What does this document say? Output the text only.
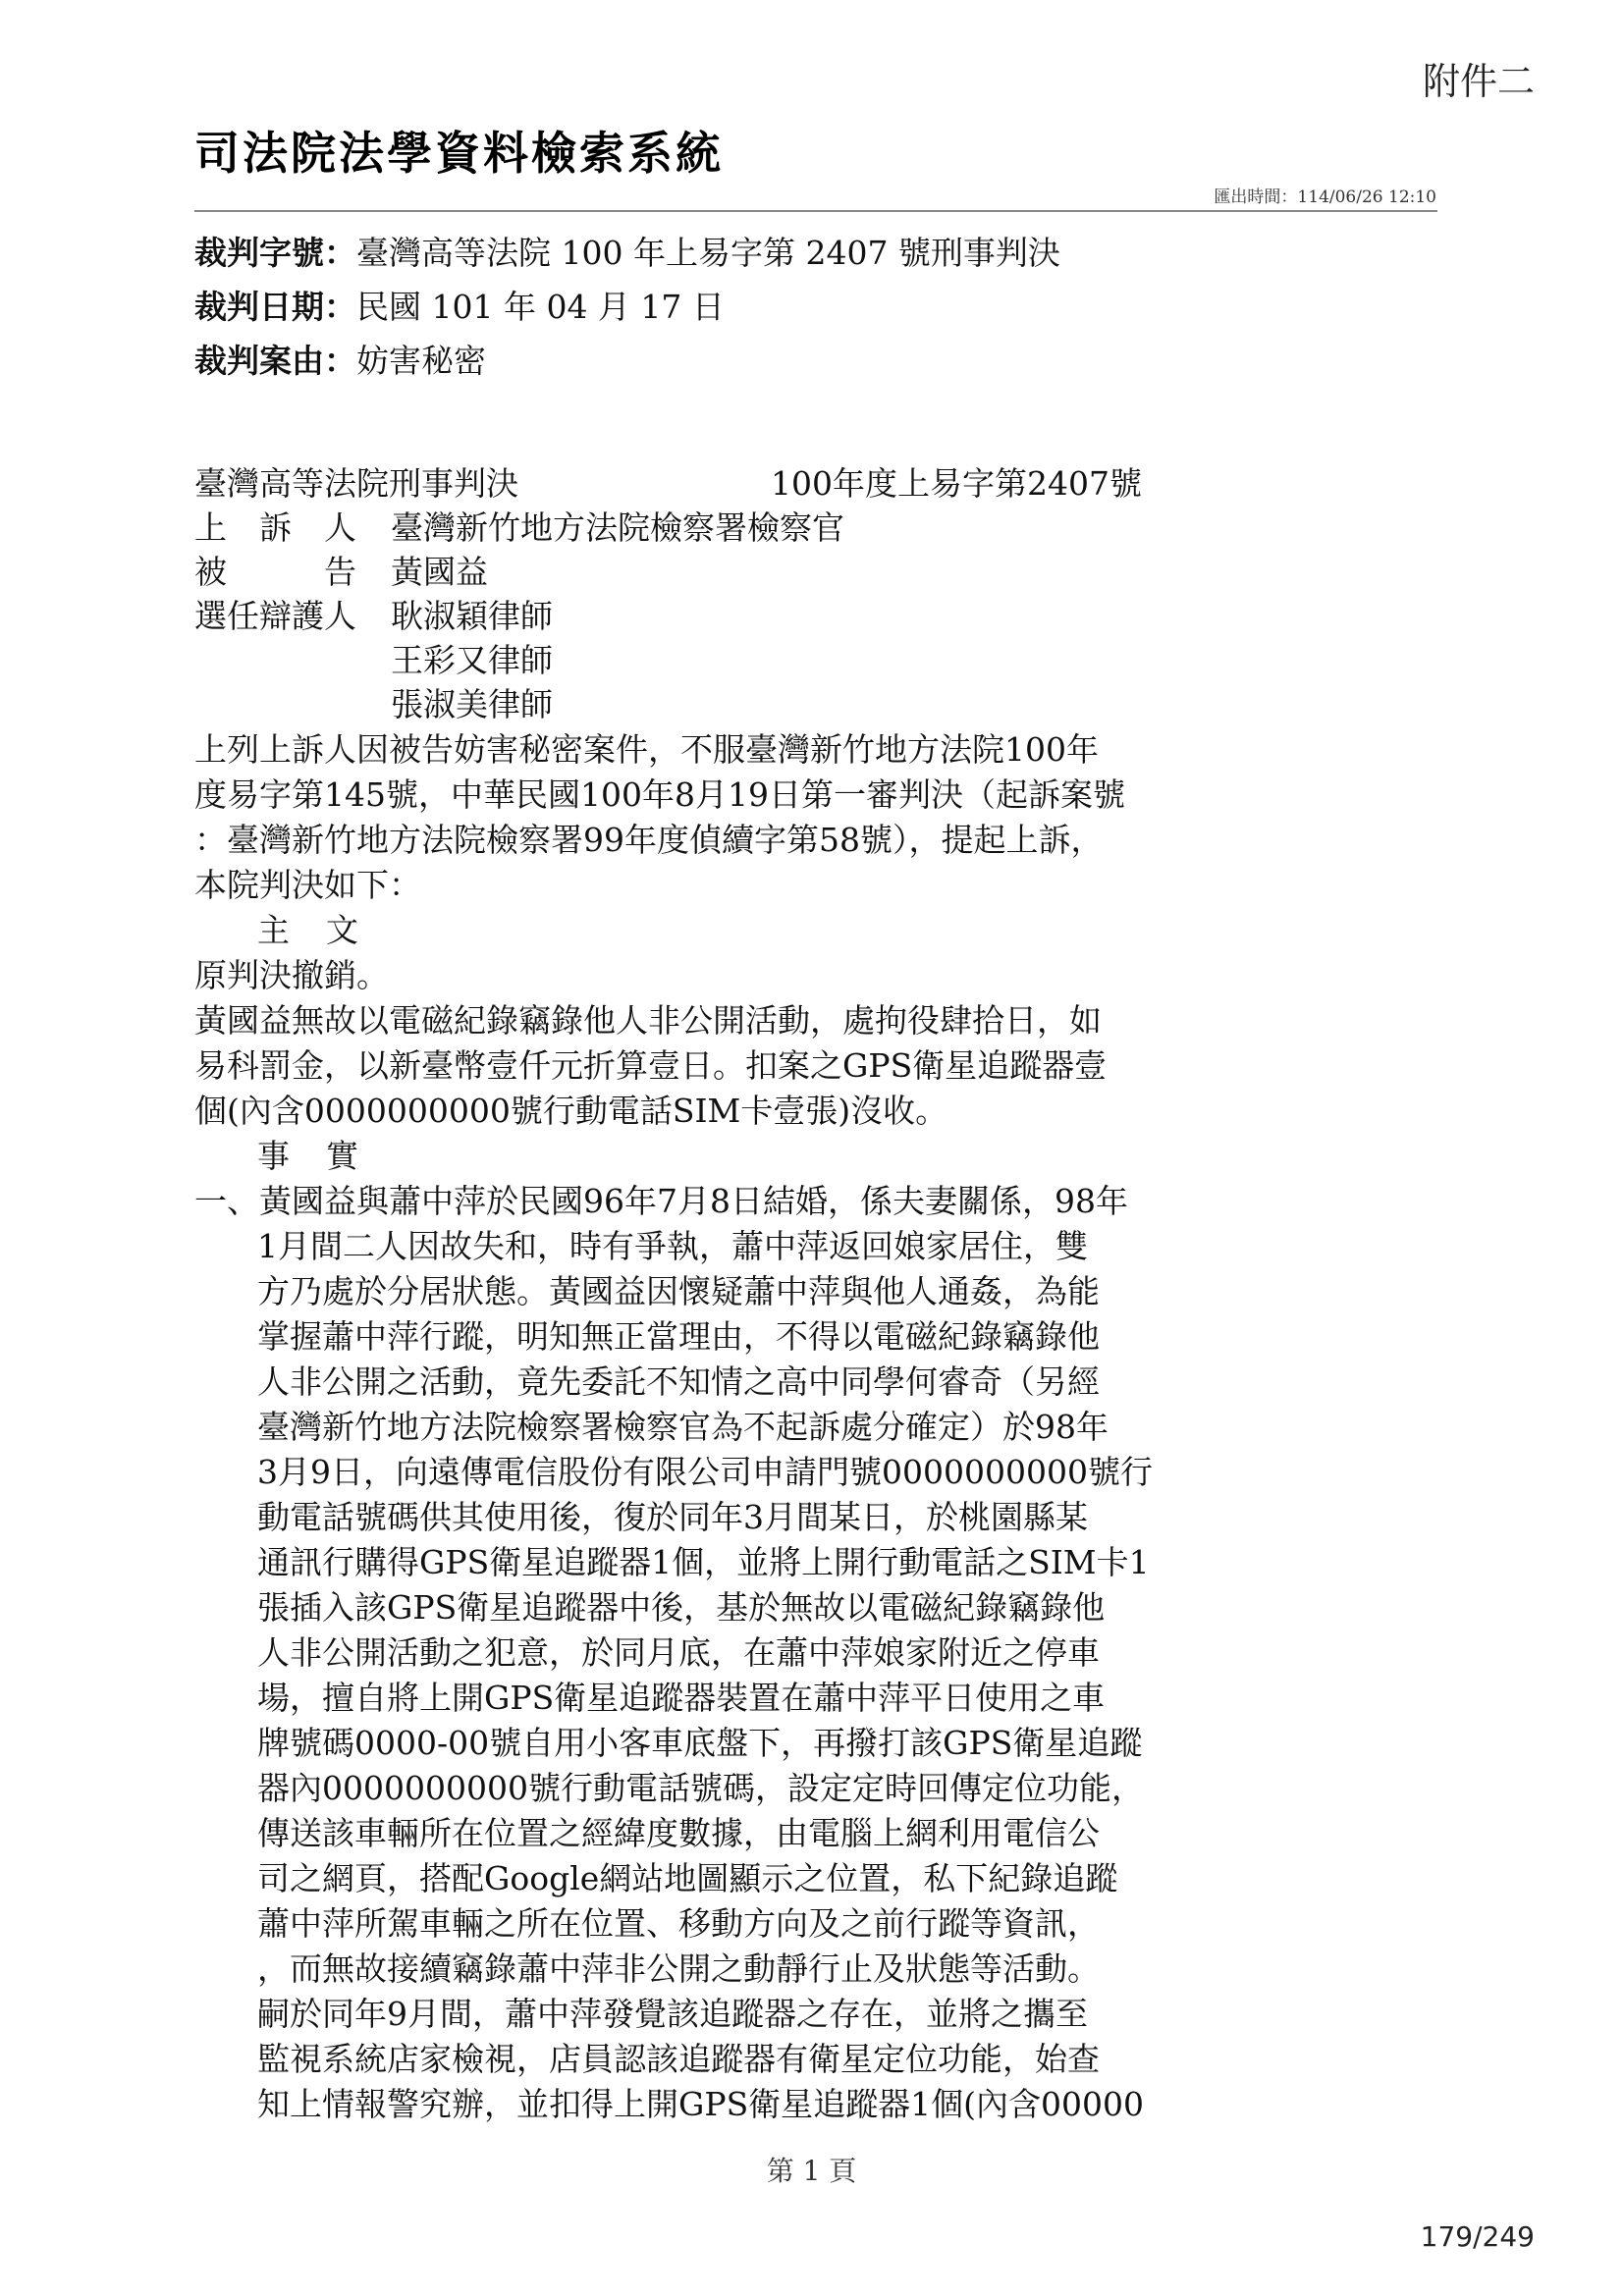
附件二
司法院法學資料檢索系統
匯出時間：114/06/26 12:10
裁判字號：臺灣高等法院 100 年上易字第 2407 號刑事判決
裁判日期：民國 101 年 04 月 17 日
裁判案由：妨害秘密
臺灣高等法院刑事判決	100年度上易字第2407號
上　訴　人 臺灣新竹地方法院檢察署檢察官
被　　　告 黃國益
選任辯護人 耿淑穎律師
王彩又律師
張淑美律師
上列上訴人因被告妨害秘密案件，不服臺灣新竹地方法院100年
度易字第145號，中華民國100年8月19日第一審判決（起訴案號
：臺灣新竹地方法院檢察署99年度偵續字第58號），提起上訴，
本院判決如下：
主　文
原判決撤銷。
黃國益無故以電磁紀錄竊錄他人非公開活動，處拘役肆拾日，如
易科罰金，以新臺幣壹仟元折算壹日。扣案之GPS衛星追蹤器壹
個(內含0000000000號行動電話SIM卡壹張)沒收。
事　實
一、黃國益與蕭中萍於民國96年7月8日結婚，係夫妻關係，98年
1月間二人因故失和，時有爭執，蕭中萍返回娘家居住，雙
方乃處於分居狀態。黃國益因懷疑蕭中萍與他人通姦，為能
掌握蕭中萍行蹤，明知無正當理由，不得以電磁紀錄竊錄他
人非公開之活動，竟先委託不知情之高中同學何睿奇（另經
臺灣新竹地方法院檢察署檢察官為不起訴處分確定）於98年
3月9日，向遠傳電信股份有限公司申請門號0000000000號行
動電話號碼供其使用後，復於同年3月間某日，於桃園縣某
通訊行購得GPS衛星追蹤器1個，並將上開行動電話之SIM卡1
張插入該GPS衛星追蹤器中後，基於無故以電磁紀錄竊錄他
人非公開活動之犯意，於同月底，在蕭中萍娘家附近之停車
場，擅自將上開GPS衛星追蹤器裝置在蕭中萍平日使用之車
牌號碼0000-00號自用小客車底盤下，再撥打該GPS衛星追蹤
器內0000000000號行動電話號碼，設定定時回傳定位功能，
傳送該車輛所在位置之經緯度數據，由電腦上網利用電信公
司之網頁，搭配Google網站地圖顯示之位置，私下紀錄追蹤
蕭中萍所駕車輛之所在位置、移動方向及之前行蹤等資訊，
，而無故接續竊錄蕭中萍非公開之動靜行止及狀態等活動。
嗣於同年9月間，蕭中萍發覺該追蹤器之存在，並將之攜至
監視系統店家檢視，店員認該追蹤器有衛星定位功能，始查
知上情報警究辦，並扣得上開GPS衛星追蹤器1個(內含00000
第 1 頁
179/249
